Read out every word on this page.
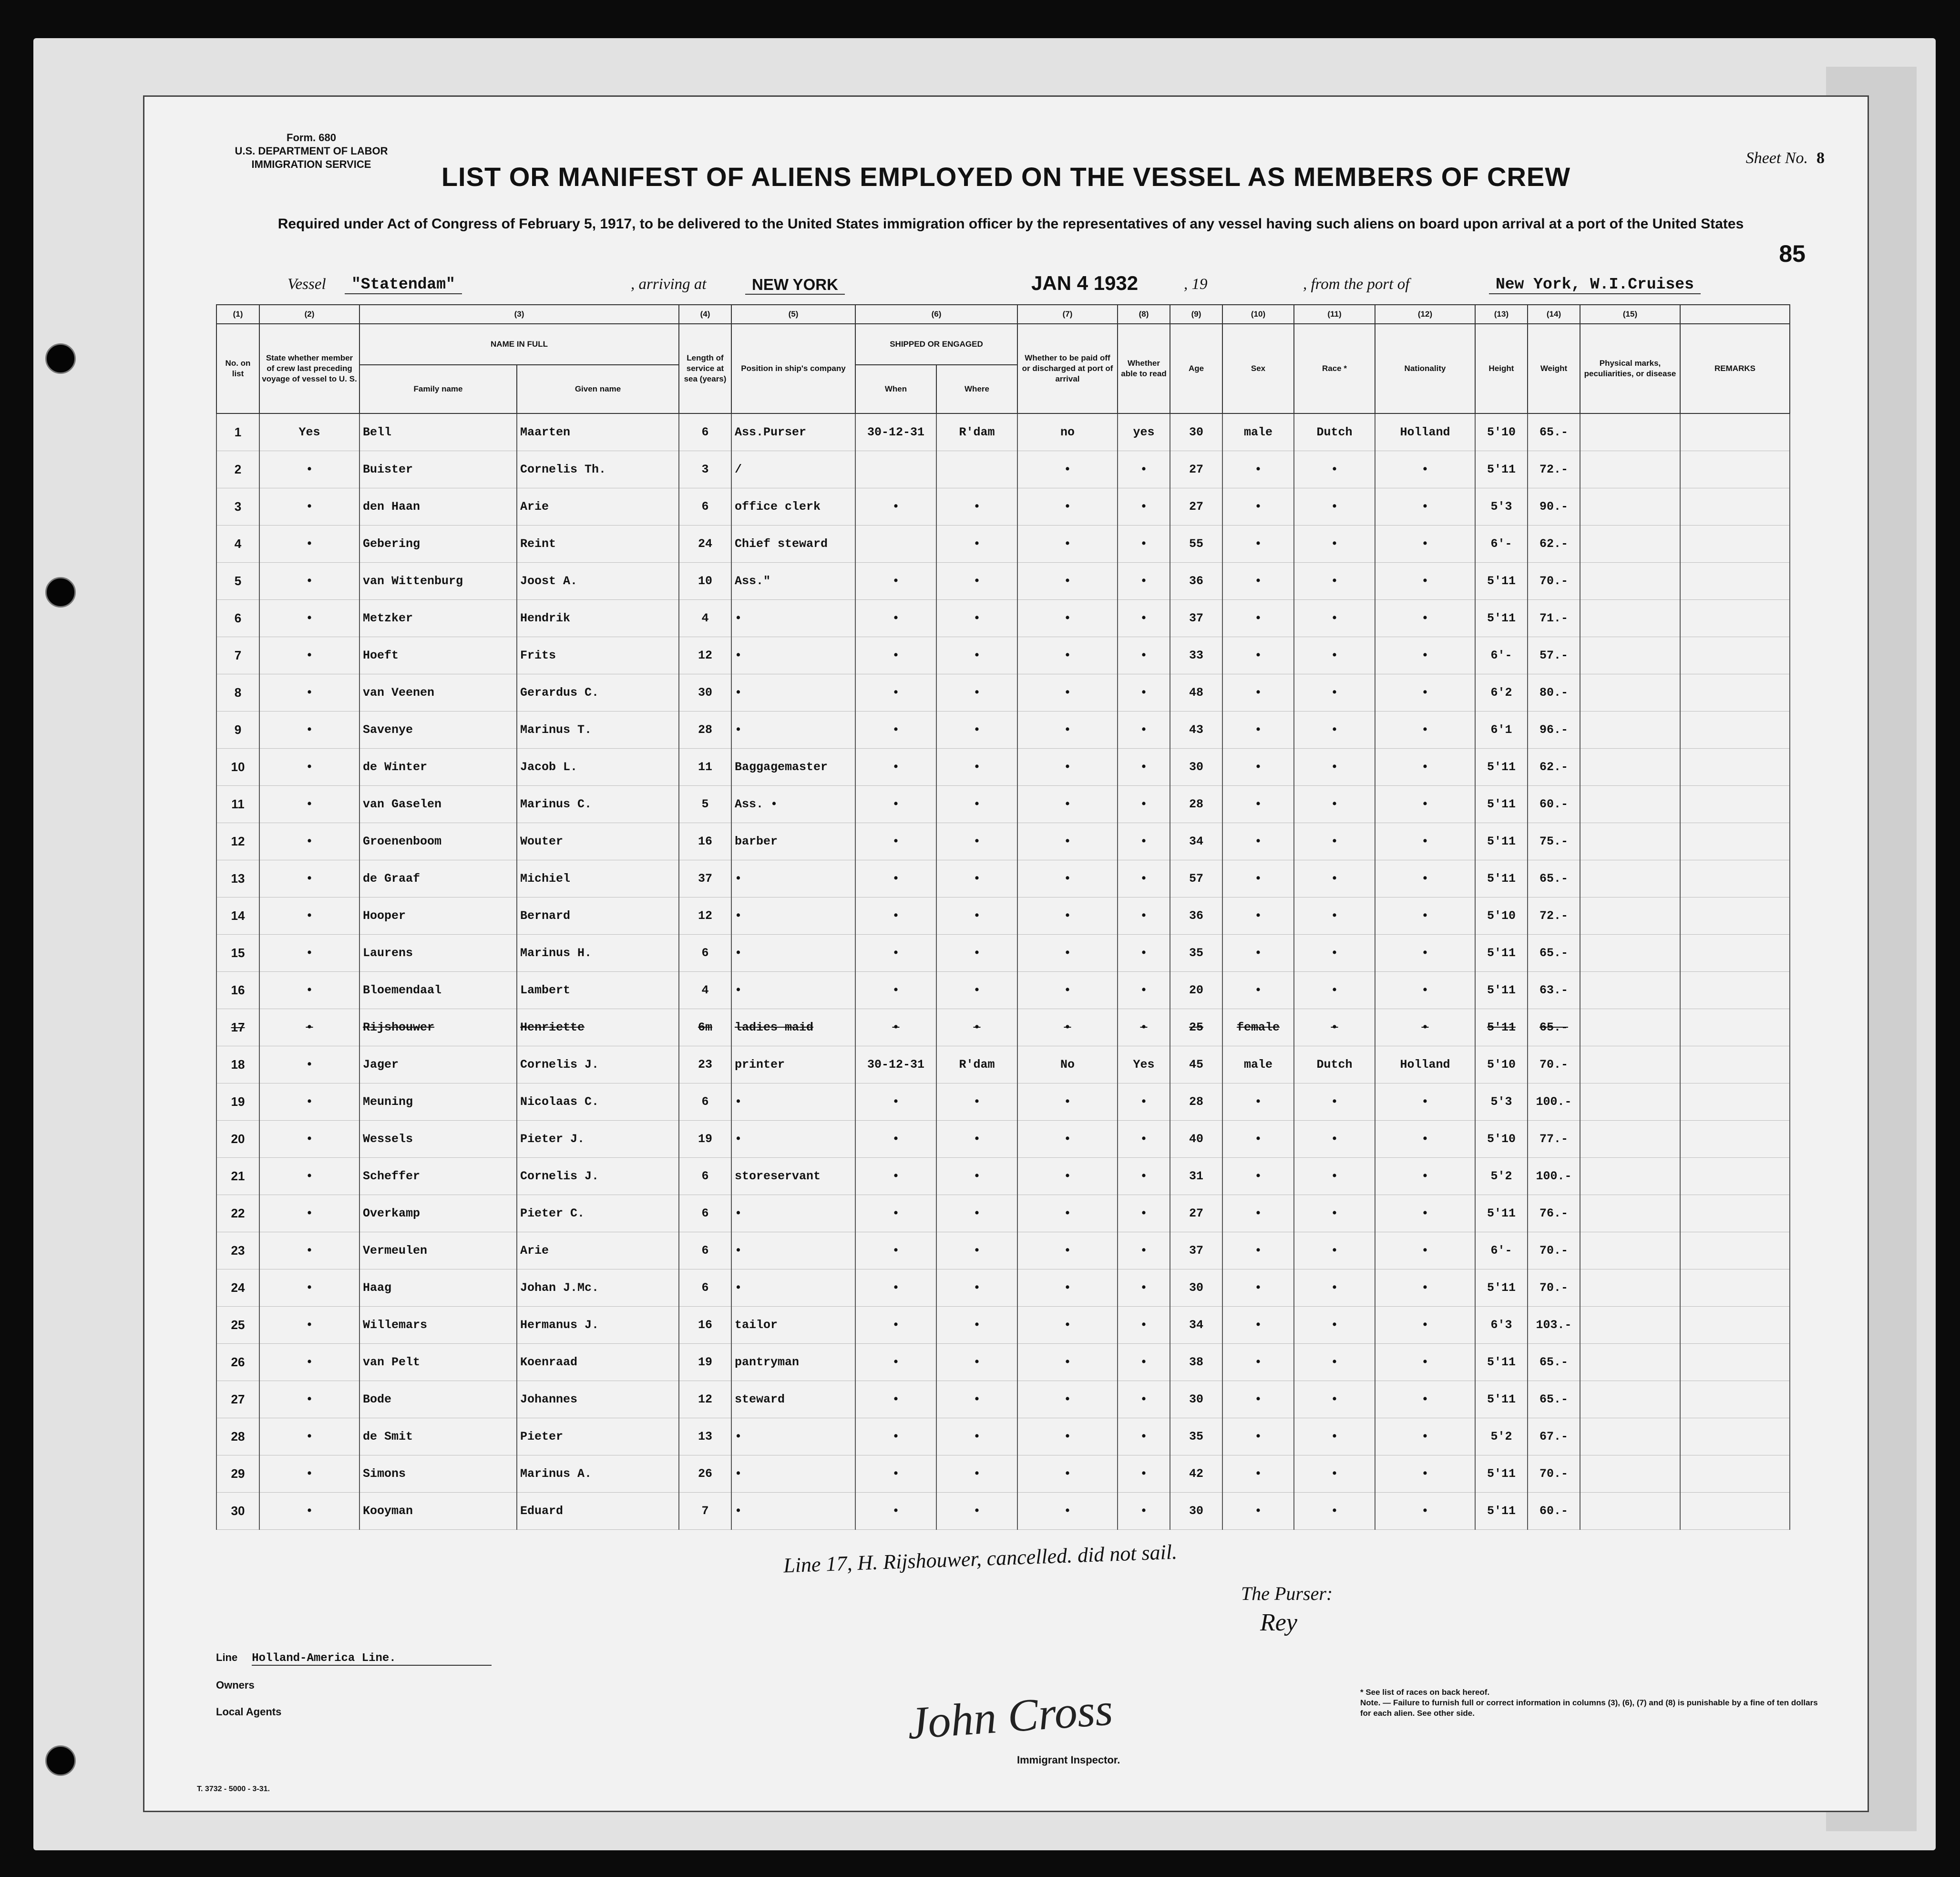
Form. 680
U.S. DEPARTMENT OF LABOR
IMMIGRATION SERVICE	Sheet No. 8
LIST OR MANIFEST OF ALIENS EMPLOYED ON THE VESSEL AS MEMBERS OF CREW
Required under Act of Congress of February 5, 1917, to be delivered to the United States immigration officer by the representatives of any vessel having such aliens on board upon arrival at a port of the United States
85
Vessel	"Statendam"	, arriving at	NEW YORK	JAN 4 1932	, 19	, from the port of	New York, W.I.Cruises
(1)	(2)	(3)		(4)	(5)	(6)		(7)	(8)	(9)	(10)	(11)	(12)	(13)	(14)	(15)	
No. on list	State whether member of crew last preceding voyage of vessel to U. S.	NAME IN FULL		Length of service at sea (years)	Position in ship's company	SHIPPED OR ENGAGED		Whether to be paid off or discharged at port of arrival	Whether able to read	Age	Sex	Race *	Nationality	Height	Weight	Physical marks, peculiarities, or disease	REMARKS
		Family name	Given name			When	Where										
1	Yes	Bell	Maarten	6	Ass.Purser	30-12-31	R'dam	no	yes	30	male	Dutch	Holland	5'10	65.-		
2	•	Buister	Cornelis Th.	3	/			•	•	27	•	•	•	5'11	72.-		
3	•	den Haan	Arie	6	office clerk	•	•	•	•	27	•	•	•	5'3	90.-		
4	•	Gebering	Reint	24	Chief steward		•	•	•	55	•	•	•	6'-	62.-		
5	•	van Wittenburg	Joost A.	10	Ass."	•	•	•	•	36	•	•	•	5'11	70.-		
6	•	Metzker	Hendrik	4	•	•	•	•	•	37	•	•	•	5'11	71.-		
7	•	Hoeft	Frits	12	•	•	•	•	•	33	•	•	•	6'-	57.-		
8	•	van Veenen	Gerardus C.	30	•	•	•	•	•	48	•	•	•	6'2	80.-		
9	•	Savenye	Marinus T.	28	•	•	•	•	•	43	•	•	•	6'1	96.-		
10	•	de Winter	Jacob L.	11	Baggagemaster	•	•	•	•	30	•	•	•	5'11	62.-		
11	•	van Gaselen	Marinus C.	5	Ass. •	•	•	•	•	28	•	•	•	5'11	60.-		
12	•	Groenenboom	Wouter	16	barber	•	•	•	•	34	•	•	•	5'11	75.-		
13	•	de Graaf	Michiel	37	•	•	•	•	•	57	•	•	•	5'11	65.-		
14	•	Hooper	Bernard	12	•	•	•	•	•	36	•	•	•	5'10	72.-		
15	•	Laurens	Marinus H.	6	•	•	•	•	•	35	•	•	•	5'11	65.-		
16	•	Bloemendaal	Lambert	4	•	•	•	•	•	20	•	•	•	5'11	63.-		
17	•	Rijshouwer	Henriette	6m	ladies maid	•	•	•	•	25	female	•	•	5'11	65.-		
18	•	Jager	Cornelis J.	23	printer	30-12-31	R'dam	No	Yes	45	male	Dutch	Holland	5'10	70.-		
19	•	Meuning	Nicolaas C.	6	•	•	•	•	•	28	•	•	•	5'3	100.-		
20	•	Wessels	Pieter J.	19	•	•	•	•	•	40	•	•	•	5'10	77.-		
21	•	Scheffer	Cornelis J.	6	storeservant	•	•	•	•	31	•	•	•	5'2	100.-		
22	•	Overkamp	Pieter C.	6	•	•	•	•	•	27	•	•	•	5'11	76.-		
23	•	Vermeulen	Arie	6	•	•	•	•	•	37	•	•	•	6'-	70.-		
24	•	Haag	Johan J.Mc.	6	•	•	•	•	•	30	•	•	•	5'11	70.-		
25	•	Willemars	Hermanus J.	16	tailor	•	•	•	•	34	•	•	•	6'3	103.-		
26	•	van Pelt	Koenraad	19	pantryman	•	•	•	•	38	•	•	•	5'11	65.-		
27	•	Bode	Johannes	12	steward	•	•	•	•	30	•	•	•	5'11	65.-		
28	•	de Smit	Pieter	13	•	•	•	•	•	35	•	•	•	5'2	67.-		
29	•	Simons	Marinus A.	26	•	•	•	•	•	42	•	•	•	5'11	70.-		
30	•	Kooyman	Eduard	7	•	•	•	•	•	30	•	•	•	5'11	60.-		
Line 17, H. Rijshouwer, cancelled. did not sail.
The Purser:
Rey
Line Holland-America Line.
Owners
Local Agents	John Cross
Immigrant Inspector.
* See list of races on back hereof.
Note. — Failure to furnish full or correct information in columns (3), (6), (7) and (8) is punishable by a fine of ten dollars for each alien. See other side.
T. 3732 - 5000 - 3-31.
